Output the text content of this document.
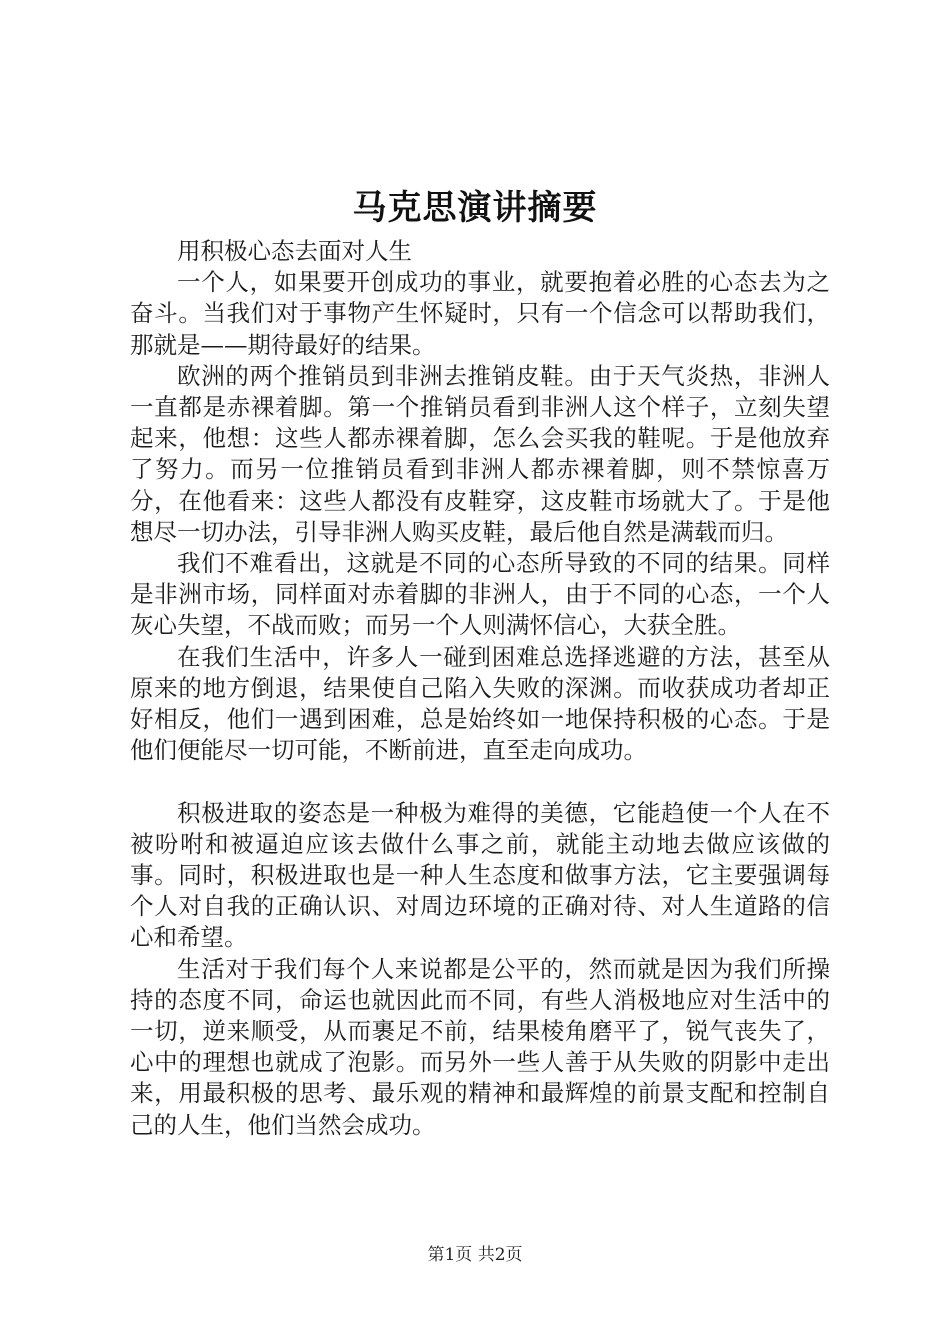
马克思演讲摘要

用积极心态去面对人生

一个人，如果要开创成功的事业，就要抱着必胜的心态去为之奋斗。当我们对于事物产生怀疑时，只有一个信念可以帮助我们，那就是——期待最好的结果。

欧洲的两个推销员到非洲去推销皮鞋。由于天气炎热，非洲人一直都是赤裸着脚。第一个推销员看到非洲人这个样子，立刻失望起来，他想：这些人都赤裸着脚，怎么会买我的鞋呢。于是他放弃了努力。而另一位推销员看到非洲人都赤裸着脚，则不禁惊喜万分，在他看来：这些人都没有皮鞋穿，这皮鞋市场就大了。于是他想尽一切办法，引导非洲人购买皮鞋，最后他自然是满载而归。

我们不难看出，这就是不同的心态所导致的不同的结果。同样是非洲市场，同样面对赤着脚的非洲人，由于不同的心态，一个人灰心失望，不战而败；而另一个人则满怀信心，大获全胜。

在我们生活中，许多人一碰到困难总选择逃避的方法，甚至从原来的地方倒退，结果使自己陷入失败的深渊。而收获成功者却正好相反，他们一遇到困难，总是始终如一地保持积极的心态。于是他们便能尽一切可能，不断前进，直至走向成功。

积极进取的姿态是一种极为难得的美德，它能趋使一个人在不被吩咐和被逼迫应该去做什么事之前，就能主动地去做应该做的事。同时，积极进取也是一种人生态度和做事方法，它主要强调每个人对自我的正确认识、对周边环境的正确对待、对人生道路的信心和希望。

生活对于我们每个人来说都是公平的，然而就是因为我们所操持的态度不同，命运也就因此而不同，有些人消极地应对生活中的一切，逆来顺受，从而裹足不前，结果棱角磨平了，锐气丧失了，心中的理想也就成了泡影。而另外一些人善于从失败的阴影中走出来，用最积极的思考、最乐观的精神和最辉煌的前景支配和控制自己的人生，他们当然会成功。

第1页 共2页
